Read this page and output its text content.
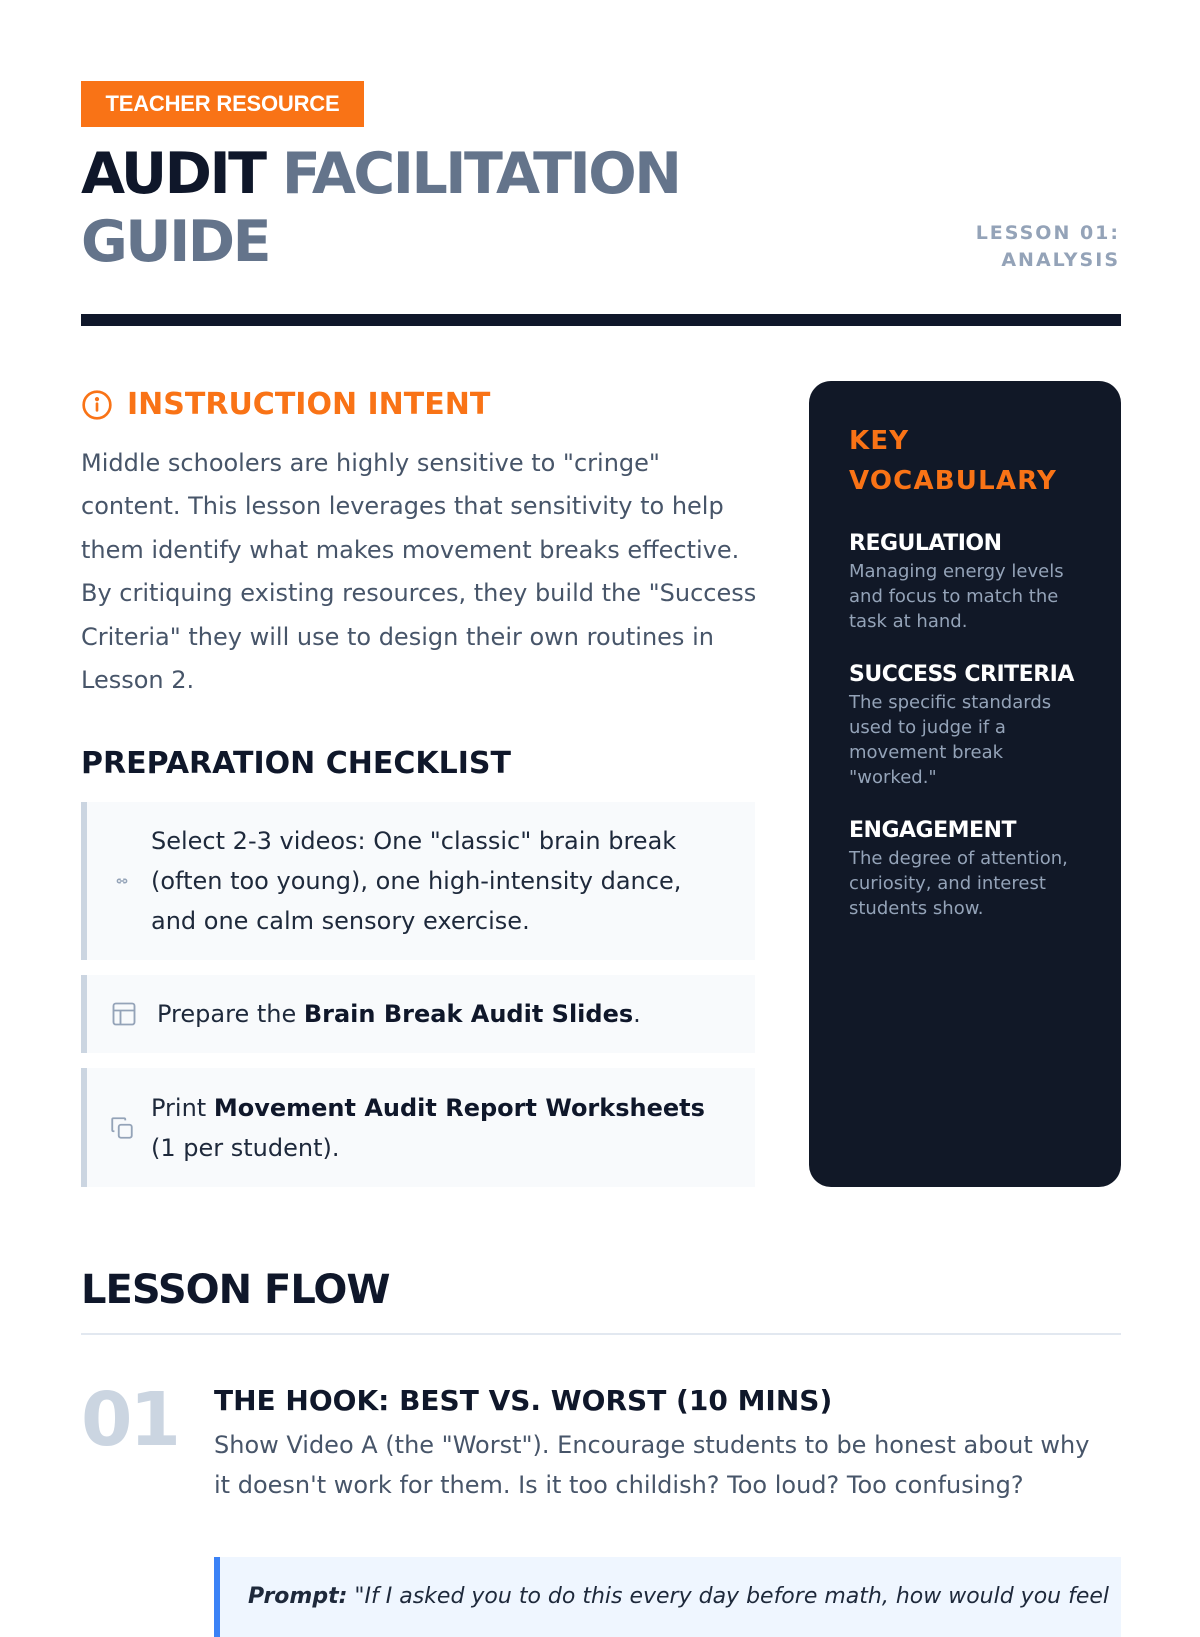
TEACHER RESOURCE
AUDIT FACILITATION GUIDE	LESSON 01:
ANALYSIS
INSTRUCTION INTENT

Middle schoolers are highly sensitive to "cringe" content. This lesson leverages that sensitivity to help them identify what makes movement breaks effective. By critiquing existing resources, they build the "Success Criteria" they will use to design their own routines in Lesson 2.

PREPARATION CHECKLIST
Select 2-3 videos: One "classic" brain break (often too young), one high-intensity dance, and one calm sensory exercise.
Prepare the Brain Break Audit Slides.
Print Movement Audit Report Worksheets (1 per student).
KEY
VOCABULARY
REGULATION
Managing energy levels and focus to match the task at hand.
SUCCESS CRITERIA
The specific standards used to judge if a movement break "worked."
ENGAGEMENT
The degree of attention, curiosity, and interest students show.
LESSON FLOW
01 THE HOOK: BEST VS. WORST (10 MINS)

Show Video A (the "Worst"). Encourage students to be honest about why it doesn't work for them. Is it too childish? Too loud? Too confusing?

Prompt: "If I asked you to do this every day before math, how would you feel
